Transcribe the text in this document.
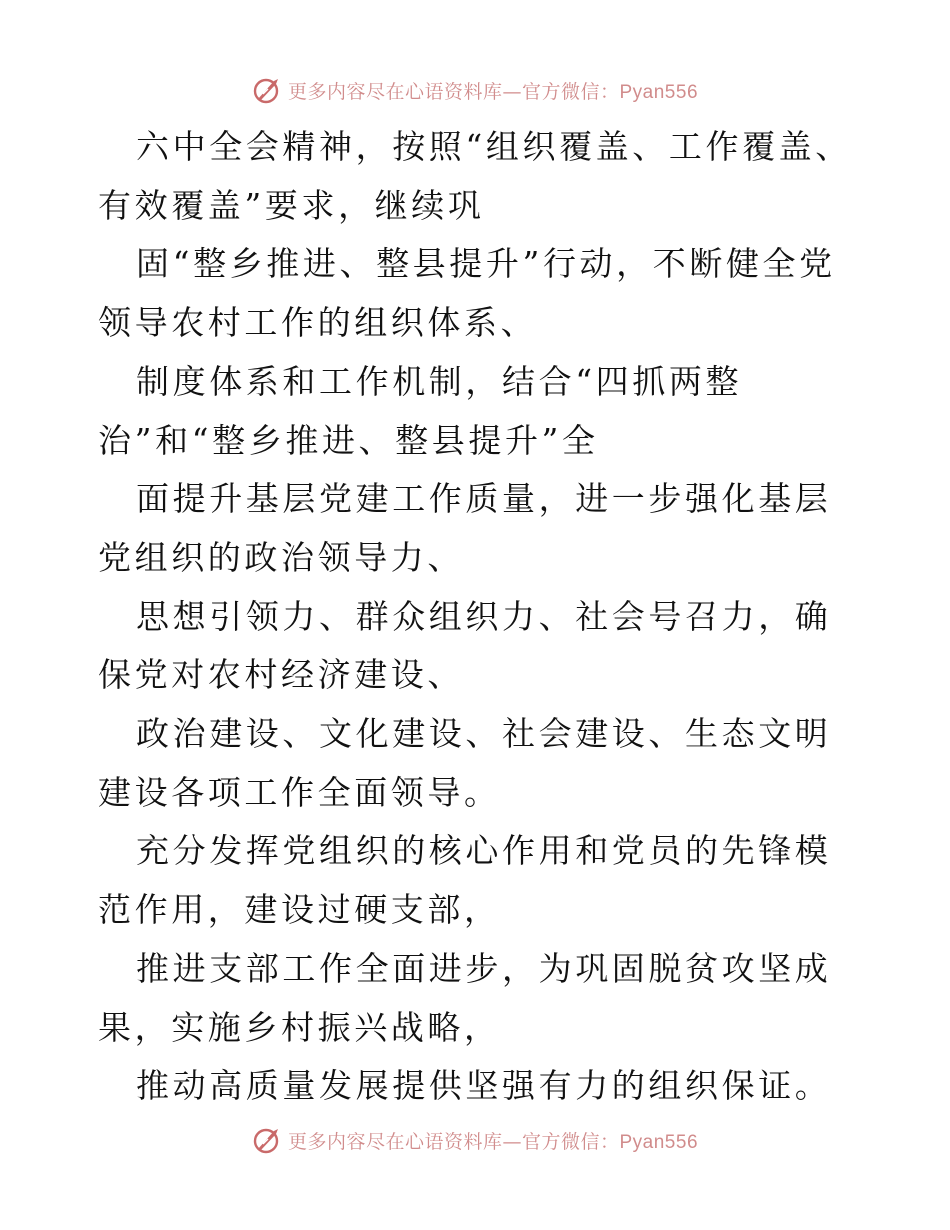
更多内容尽在心语资料库—官方微信：Pyan556

六中全会精神，按照“组织覆盖、工作覆盖、有效覆盖”要求，继续巩

固“整乡推进、整县提升”行动，不断健全党领导农村工作的组织体系、

制度体系和工作机制，结合“四抓两整

治”和“整乡推进、整县提升”全

面提升基层党建工作质量，进一步强化基层党组织的政治领导力、

思想引领力、群众组织力、社会号召力，确保党对农村经济建设、

政治建设、文化建设、社会建设、生态文明建设各项工作全面领导。

充分发挥党组织的核心作用和党员的先锋模范作用，建设过硬支部，

推进支部工作全面进步，为巩固脱贫攻坚成果，实施乡村振兴战略，

推动高质量发展提供坚强有力的组织保证。

更多内容尽在心语资料库—官方微信：Pyan556
